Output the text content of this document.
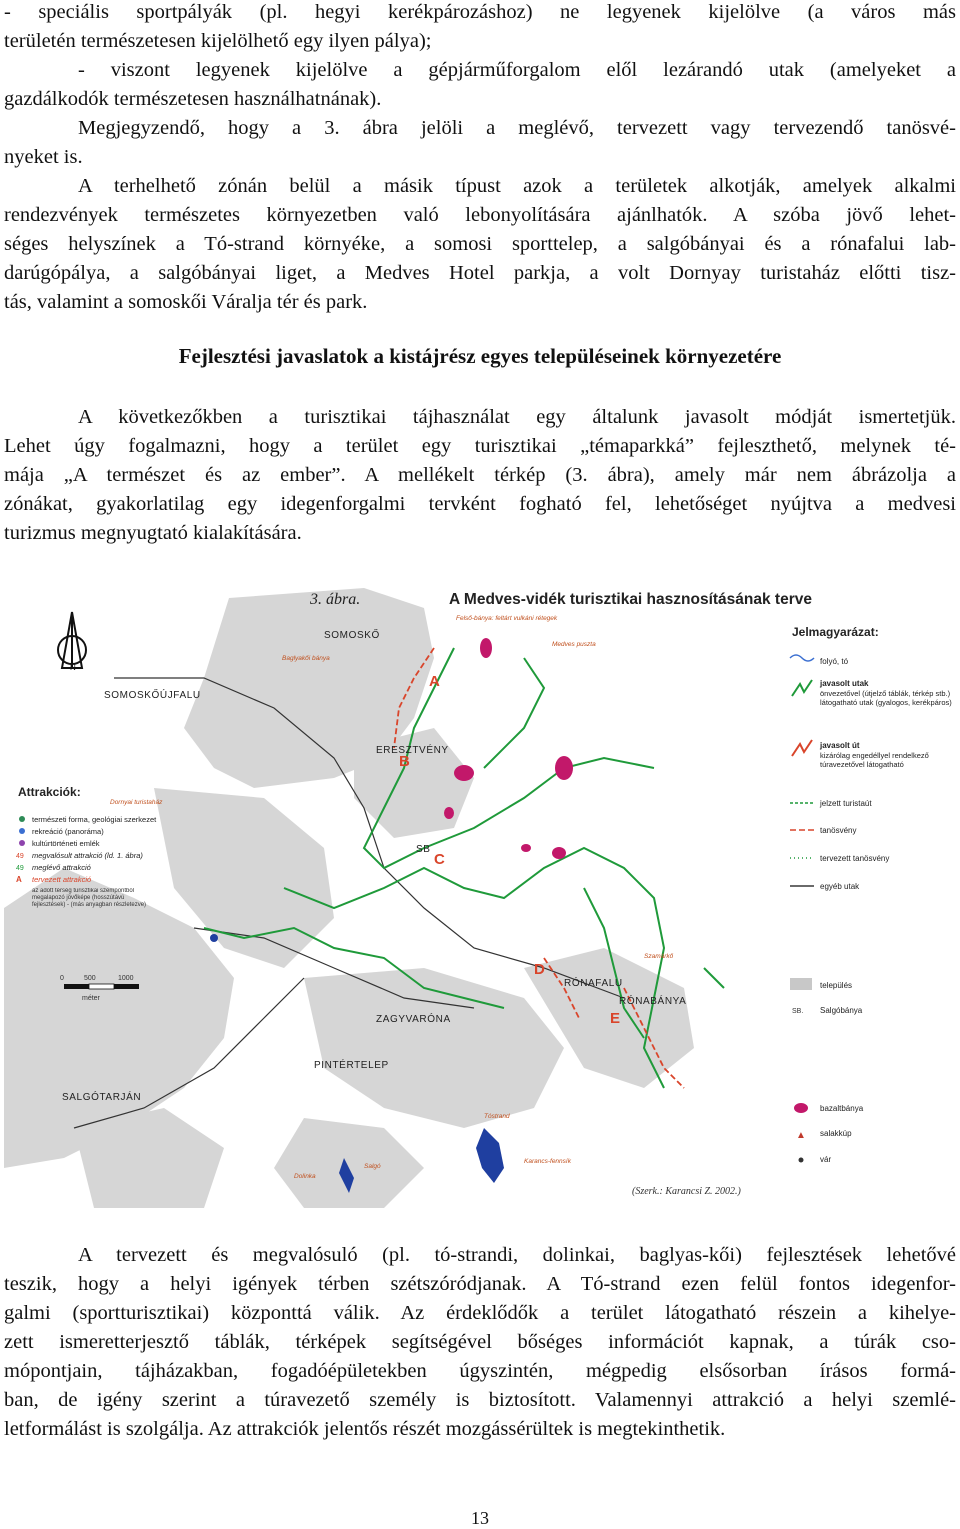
- speciális sportpályák (pl. hegyi kerékpározáshoz) ne legyenek kijelölve (a város más
területén természetesen kijelölhető egy ilyen pálya);
- viszont legyenek kijelölve a gépjárműforgalom elől lezárandó utak (amelyeket a
gazdálkodók természetesen használhatnának).
Megjegyzendő, hogy a 3. ábra jelöli a meglévő, tervezett vagy tervezendő tanösvé-
nyeket is.
A terhelhető zónán belül a másik típust azok a területek alkotják, amelyek alkalmi
rendezvények természetes környezetben való lebonyolítására ajánlhatók. A szóba jövő lehet-
séges helyszínek a Tó-strand környéke, a somosi sporttelep, a salgóbányai és a rónafalui lab-
darúgópálya, a salgóbányai liget, a Medves Hotel parkja, a volt Dornyay turistaház előtti tisz-
tás, valamint a somoskői Váralja tér és park.
Fejlesztési javaslatok a kistájrész egyes településeinek környezetére
A következőkben a turisztikai tájhasználat egy általunk javasolt módját ismertetjük.
Lehet úgy fogalmazni, hogy a terület egy turisztikai „témaparkká” fejleszthető, melynek té-
mája „A természet és az ember”. A mellékelt térkép (3. ábra), amely már nem ábrázolja a
zónákat, gyakorlatilag egy idegenforgalmi tervként fogható fel, lehetőséget nyújtva a medvesi
turizmus megnyugtató kialakítására.
SOMOSKŐ
SOMOSKŐÚJFALU
ERESZTVÉNY
SB
RÓNAFALU
RÓNABÁNYA
ZAGYVARÓNA
PINTÉRTELEP
SALGÓTARJÁN
A
B
C
D
E
Felső-bánya: feltárt vulkáni rétegek
Medves puszta
Baglyakői bánya
Dornyai turistaház
Szamárkő
Salgó
Karancs-fennsík
Dolinka
Tóstrand
3. ábra.	A Medves-vidék turisztikai hasznosításának terve
N
0	500	1000
méter
Attrakciók:
természeti forma, geológiai szerkezet
rekreáció (panoráma)
kultúrtörténeti emlék
49 megvalósult attrakció (ld. 1. ábra)
49 meglévő attrakció
A tervezett attrakció
az adott térség turisztikai szempontból megalapozó jövőképe (hosszútávú fejlesztések) - (más anyagban részletezve)
Jelmagyarázat:
folyó, tó
javasolt utak
önvezetővel (útjelző táblák, térkép stb.) látogatható utak (gyalogos, kerékpáros)
javasolt út
kizárólag engedéllyel rendelkező túravezetővel látogatható
jelzett turistaút
tanösvény
tervezett tanösvény
egyéb utak
település
SB. Salgóbánya
bazaltbánya
▲ salakkúp
vár
(Szerk.: Karancsi Z. 2002.)
A tervezett és megvalósuló (pl. tó-strandi, dolinkai, baglyas-kői) fejlesztések lehetővé
teszik, hogy a helyi igények térben szétszóródjanak. A Tó-strand ezen felül fontos idegenfor-
galmi (sportturisztikai) központtá válik. Az érdeklődők a terület látogatható részein a kihelye-
zett ismeretterjesztő táblák, térképek segítségével bőséges információt kapnak, a túrák cso-
mópontjain, tájházakban, fogadóépületekben úgyszintén, mégpedig elsősorban írásos formá-
ban, de igény szerint a túravezető személy is biztosított. Valamennyi attrakció a helyi szemlé-
letformálást is szolgálja. Az attrakciók jelentős részét mozgássérültek is megtekinthetik.
13
